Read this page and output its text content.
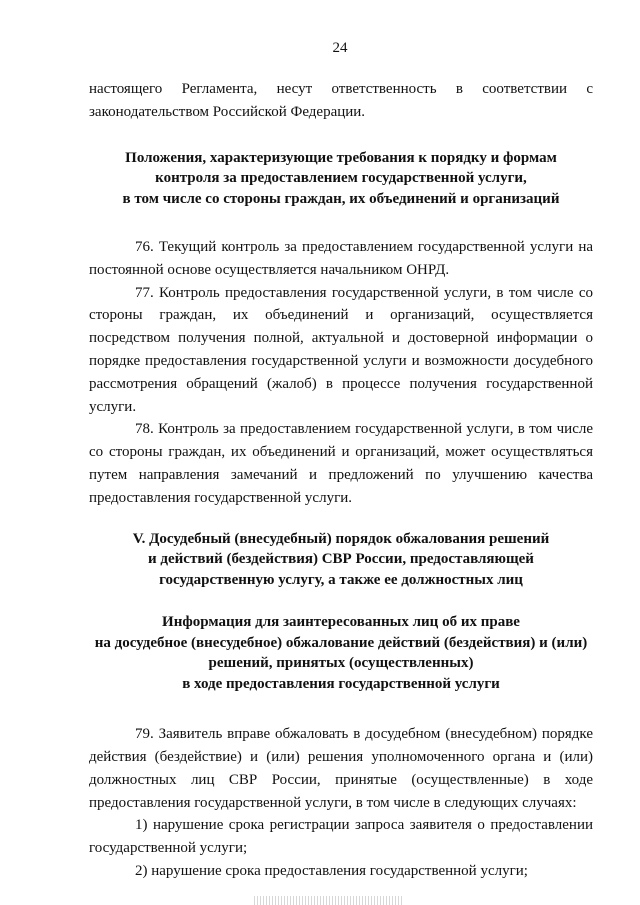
24

настоящего Регламента, несут ответственность в соответствии с законодательством Российской Федерации.

Положения, характеризующие требования к порядку и формам
контроля за предоставлением государственной услуги,
в том числе со стороны граждан, их объединений и организаций

76. Текущий контроль за предоставлением государственной услуги на постоянной основе осуществляется начальником ОНРД.

77. Контроль предоставления государственной услуги, в том числе со стороны граждан, их объединений и организаций, осуществляется посредством получения полной, актуальной и достоверной информации о порядке предоставления государственной услуги и возможности досудебного рассмотрения обращений (жалоб) в процессе получения государственной услуги.

78. Контроль за предоставлением государственной услуги, в том числе со стороны граждан, их объединений и организаций, может осуществляться путем направления замечаний и предложений по улучшению качества предоставления государственной услуги.

V. Досудебный (внесудебный) порядок обжалования решений
и действий (бездействия) СВР России, предоставляющей
государственную услугу, а также ее должностных лиц
Информация для заинтересованных лиц об их праве
на досудебное (внесудебное) обжалование действий (бездействия) и (или)
решений, принятых (осуществленных)
в ходе предоставления государственной услуги

79. Заявитель вправе обжаловать в досудебном (внесудебном) порядке действия (бездействие) и (или) решения уполномоченного органа и (или) должностных лиц СВР России, принятые (осуществленные) в ходе предоставления государственной услуги, в том числе в следующих случаях:

1) нарушение срока регистрации запроса заявителя о предоставлении государственной услуги;

2) нарушение срока предоставления государственной услуги;
